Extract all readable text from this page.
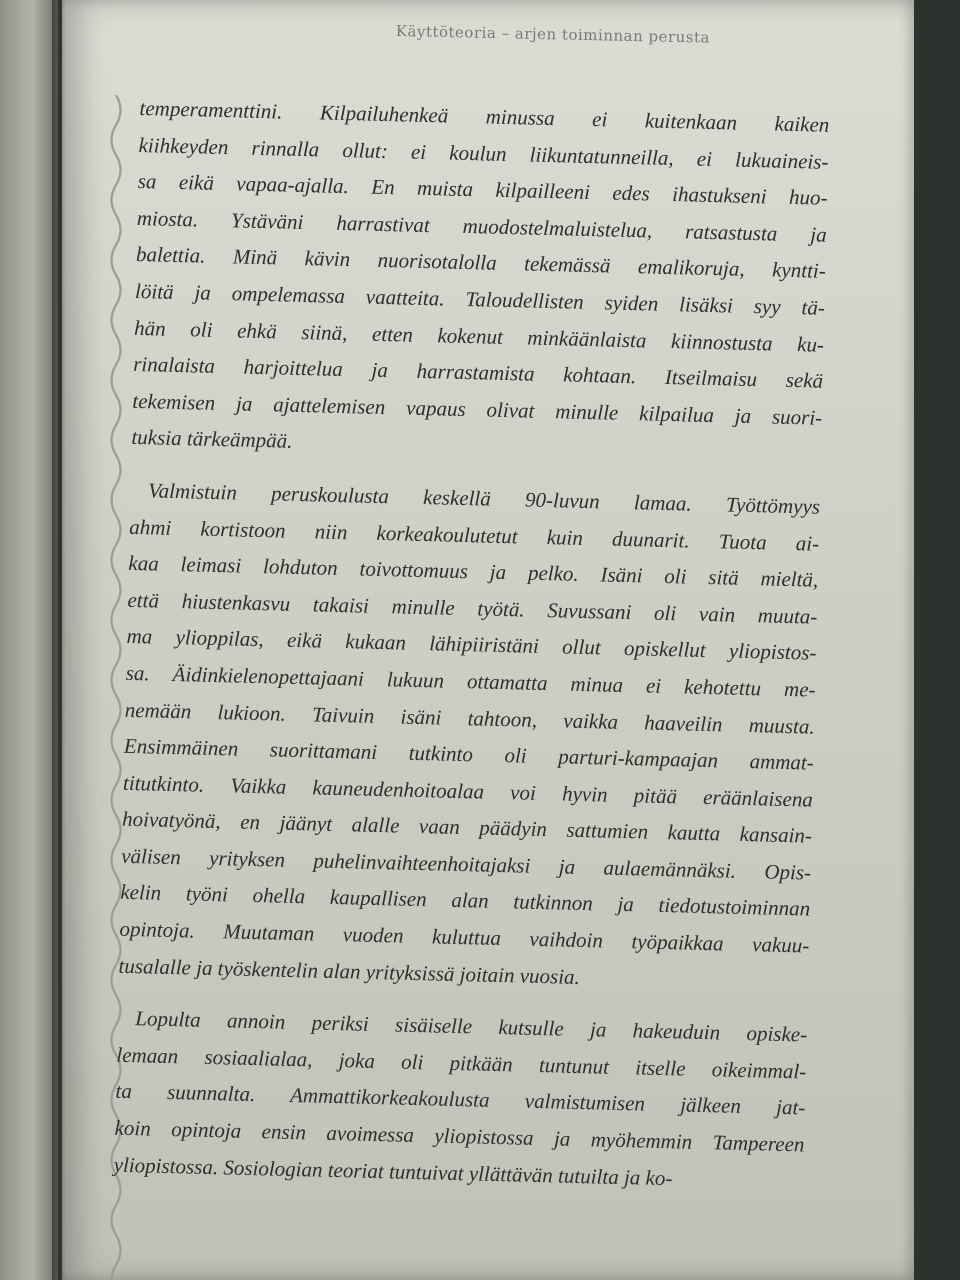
Käyttöteoria – arjen toiminnan perusta
temperamenttini. Kilpailuhenkeä minussa ei kuitenkaan kaiken
kiihkeyden rinnalla ollut: ei koulun liikuntatunneilla, ei lukuaineis-
sa eikä vapaa-ajalla. En muista kilpailleeni edes ihastukseni huo-
miosta. Ystäväni harrastivat muodostelmaluistelua, ratsastusta ja
balettia. Minä kävin nuorisotalolla tekemässä emalikoruja, kyntti-
löitä ja ompelemassa vaatteita. Taloudellisten syiden lisäksi syy tä-
hän oli ehkä siinä, etten kokenut minkäänlaista kiinnostusta ku-
rinalaista harjoittelua ja harrastamista kohtaan. Itseilmaisu sekä
tekemisen ja ajattelemisen vapaus olivat minulle kilpailua ja suori-
tuksia tärkeämpää.
Valmistuin peruskoulusta keskellä 90-luvun lamaa. Työttömyys
ahmi kortistoon niin korkeakoulutetut kuin duunarit. Tuota ai-
kaa leimasi lohduton toivottomuus ja pelko. Isäni oli sitä mieltä,
että hiustenkasvu takaisi minulle työtä. Suvussani oli vain muuta-
ma ylioppilas, eikä kukaan lähipiiristäni ollut opiskellut yliopistos-
sa. Äidinkielenopettajaani lukuun ottamatta minua ei kehotettu me-
nemään lukioon. Taivuin isäni tahtoon, vaikka haaveilin muusta.
Ensimmäinen suorittamani tutkinto oli parturi-kampaajan ammat-
titutkinto. Vaikka kauneudenhoitoalaa voi hyvin pitää eräänlaisena
hoivatyönä, en jäänyt alalle vaan päädyin sattumien kautta kansain-
välisen yrityksen puhelinvaihteenhoitajaksi ja aulaemännäksi. Opis-
kelin työni ohella kaupallisen alan tutkinnon ja tiedotustoiminnan
opintoja. Muutaman vuoden kuluttua vaihdoin työpaikkaa vakuu-
tusalalle ja työskentelin alan yrityksissä joitain vuosia.
Lopulta annoin periksi sisäiselle kutsulle ja hakeuduin opiske-
lemaan sosiaalialaa, joka oli pitkään tuntunut itselle oikeimmal-
ta suunnalta. Ammattikorkeakoulusta valmistumisen jälkeen jat-
koin opintoja ensin avoimessa yliopistossa ja myöhemmin Tampereen
yliopistossa. Sosiologian teoriat tuntuivat yllättävän tutuilta ja ko-
